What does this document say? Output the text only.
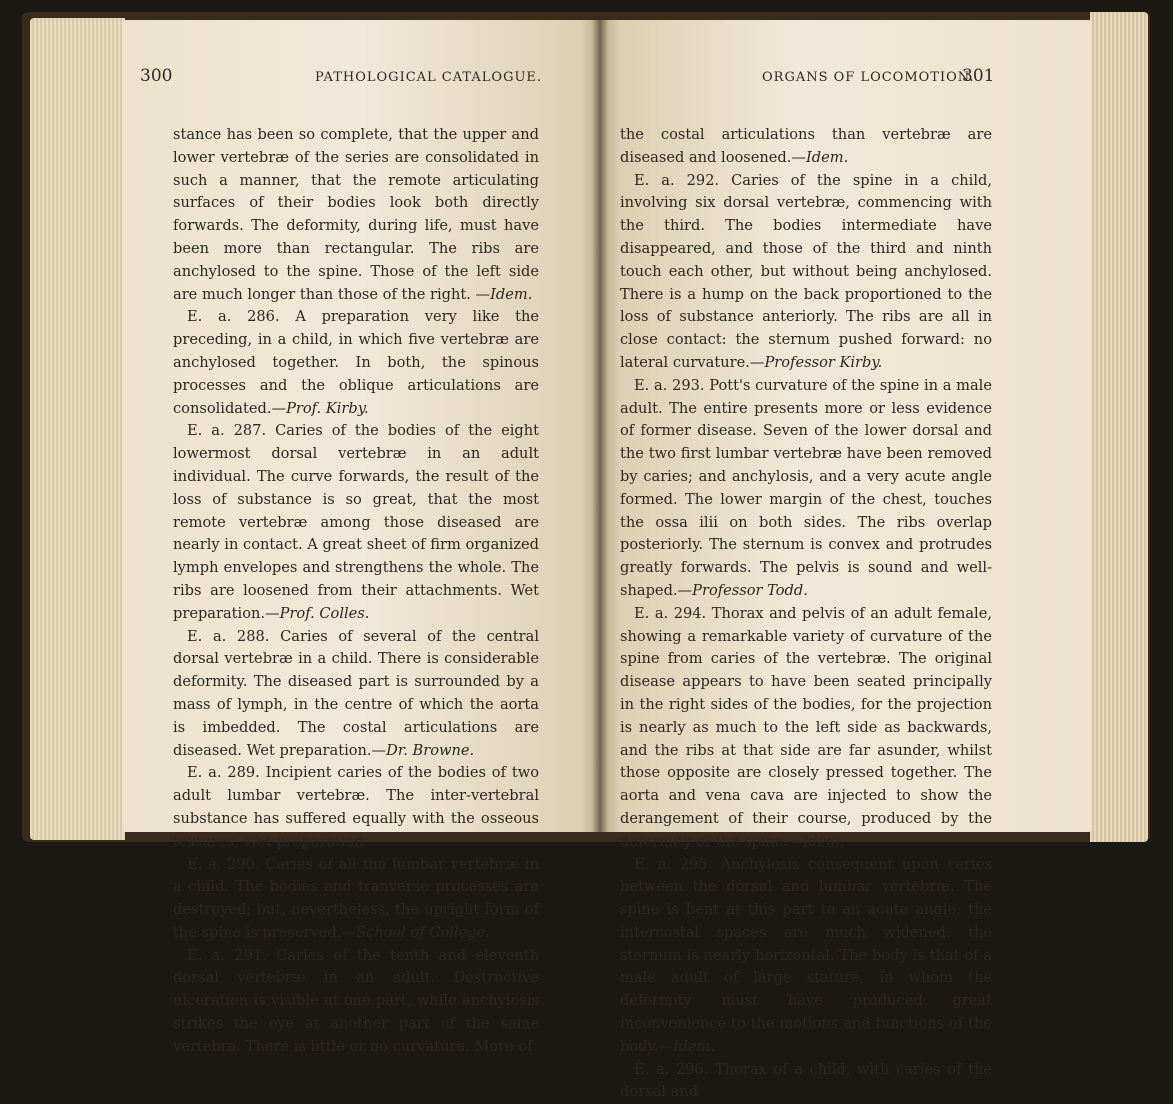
300	PATHOLOGICAL CATALOGUE.

stance has been so complete, that the upper and lower vertebræ of the series are consolidated in such a manner, that the remote articulating surfaces of their bodies look both directly forwards. The deformity, during life, must have been more than rectangular. The ribs are anchylosed to the spine. Those of the left side are much longer than those of the right. —Idem.

E. a. 286. A preparation very like the preceding, in a child, in which five vertebræ are anchylosed together. In both, the spinous processes and the oblique articulations are consolidated.—Prof. Kirby.

E. a. 287. Caries of the bodies of the eight lowermost dorsal vertebræ in an adult individual. The curve forwards, the result of the loss of substance is so great, that the most remote vertebræ among those diseased are nearly in contact. A great sheet of firm organized lymph envelopes and strengthens the whole. The ribs are loosened from their attachments. Wet preparation.—Prof. Colles.

E. a. 288. Caries of several of the central dorsal vertebræ in a child. There is considerable deformity. The diseased part is surrounded by a mass of lymph, in the centre of which the aorta is imbedded. The costal articulations are diseased. Wet preparation.—Dr. Browne.

E. a. 289. Incipient caries of the bodies of two adult lumbar vertebræ. The inter-vertebral substance has suffered equally with the osseous textures. Wet preparation.

E. a. 290. Caries of all the lumbar vertebræ in a child. The bodies and tranverse processes are destroyed; but, nevertheless, the upright form of the spine is preserved.—School of College.

E. a. 291. Caries of the tenth and eleventh dorsal vertebræ in an adult. Destructive ulceration is visible at one part, while anchylosis strikes the eye at another part of the same vertebra. There is little or no curvature. More of

ORGANS OF LOCOMOTION.
301

the costal articulations than vertebræ are diseased and loosened.—Idem.

E. a. 292. Caries of the spine in a child, involving six dorsal vertebræ, commencing with the third. The bodies intermediate have disappeared, and those of the third and ninth touch each other, but without being anchylosed. There is a hump on the back proportioned to the loss of substance anteriorly. The ribs are all in close contact: the sternum pushed forward: no lateral curvature.—Professor Kirby.

E. a. 293. Pott's curvature of the spine in a male adult. The entire presents more or less evidence of former disease. Seven of the lower dorsal and the two first lumbar vertebræ have been removed by caries; and anchylosis, and a very acute angle formed. The lower margin of the chest, touches the ossa ilii on both sides. The ribs overlap posteriorly. The sternum is convex and protrudes greatly forwards. The pelvis is sound and well-shaped.—Professor Todd.

E. a. 294. Thorax and pelvis of an adult female, showing a remarkable variety of curvature of the spine from caries of the vertebræ. The original disease appears to have been seated principally in the right sides of the bodies, for the projection is nearly as much to the left side as backwards, and the ribs at that side are far asunder, whilst those opposite are closely pressed together. The aorta and vena cava are injected to show the derangement of their course, produced by the deformity of the spine.—Idem.

E. a. 295. Anchylosis consequent upon caries between the dorsal and lumbar vertebræ. The spine is bent at this part to an acute angle: the intercostal spaces are much widened: the sternum is nearly horizontal. The body is that of a male adult of large stature, in whom the deformity must have produced great inconvenience to the motions and functions of the body.—Idem.

E. a. 296. Thorax of a child, with caries of the dorsal and
